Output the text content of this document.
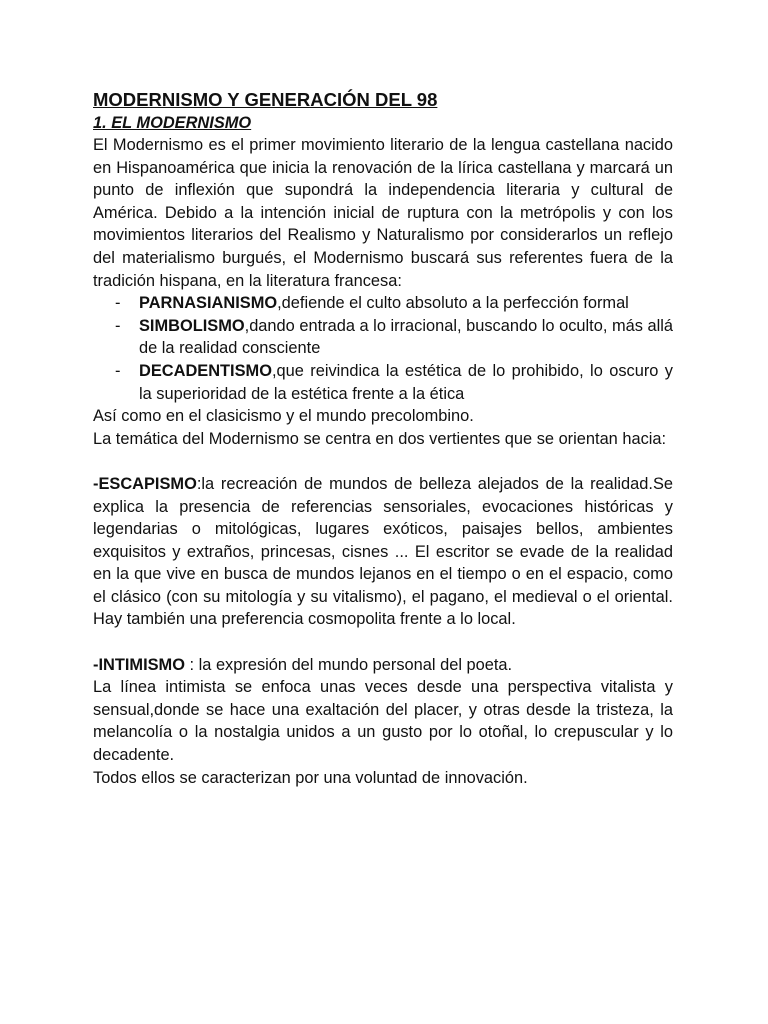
MODERNISMO Y GENERACIÓN DEL 98
1. EL MODERNISMO

El Modernismo es el primer movimiento literario de la lengua castellana nacido en Hispanoamérica que inicia la renovación de la lírica castellana y marcará un punto de inflexión que supondrá la independencia literaria y cultural de América. Debido a la intención inicial de ruptura con la metrópolis y con los movimientos literarios del Realismo y Naturalismo por considerarlos un reflejo del materialismo burgués, el Modernismo buscará sus referentes fuera de la tradición hispana, en la literatura francesa:

- PARNASIANISMO,defiende el culto absoluto a la perfección formal
- SIMBOLISMO,dando entrada a lo irracional, buscando lo oculto, más allá de la realidad consciente
- DECADENTISMO,que reivindica la estética de lo prohibido, lo oscuro y la superioridad de la estética frente a la ética

Así como en el clasicismo y el mundo precolombino.

La temática del Modernismo se centra en dos vertientes que se orientan hacia:

-ESCAPISMO:la recreación de mundos de belleza alejados de la realidad.Se explica la presencia de referencias sensoriales, evocaciones históricas y legendarias o mitológicas, lugares exóticos, paisajes bellos, ambientes exquisitos y extraños, princesas, cisnes ... El escritor se evade de la realidad en la que vive en busca de mundos lejanos en el tiempo o en el espacio, como el clásico (con su mitología y su vitalismo), el pagano, el medieval o el oriental. Hay también una preferencia cosmopolita frente a lo local.

-INTIMISMO : la expresión del mundo personal del poeta.

La línea intimista se enfoca unas veces desde una perspectiva vitalista y sensual,donde se hace una exaltación del placer, y otras desde la tristeza, la melancolía o la nostalgia unidos a un gusto por lo otoñal, lo crepuscular y lo decadente.

Todos ellos se caracterizan por una voluntad de innovación.
